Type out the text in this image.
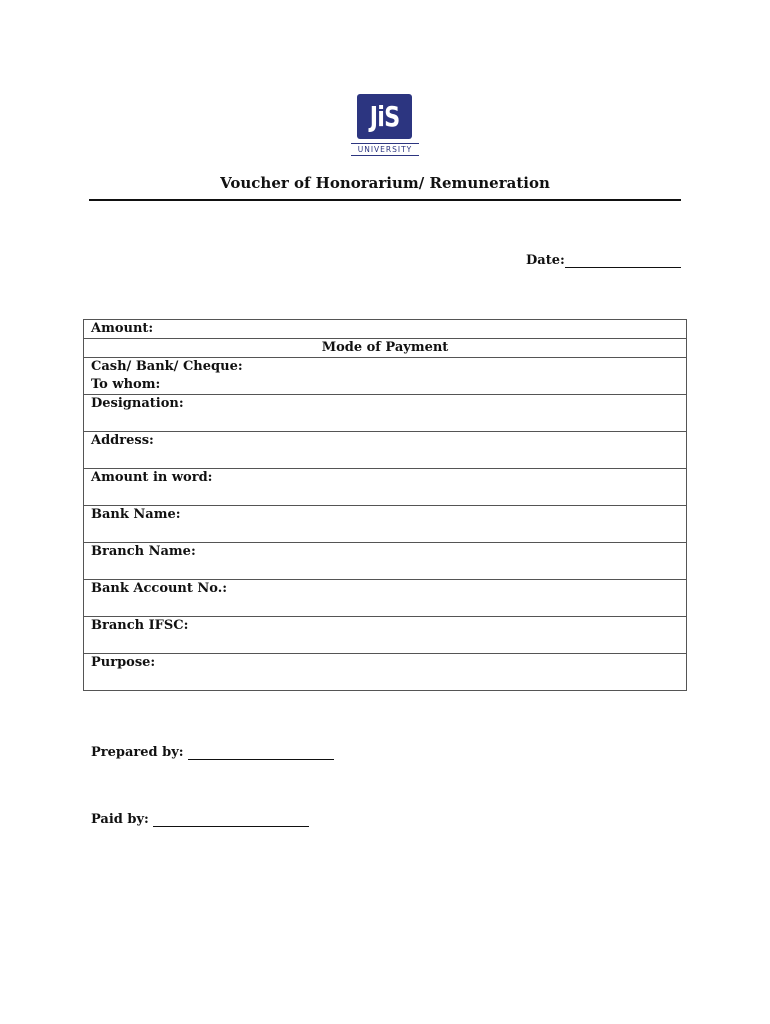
JiS
UNIVERSITY
Voucher of Honorarium/ Remuneration
Date:
Amount:
Mode of Payment

Cash/ Bank/ Cheque:
To whom:

Designation:
Address:
Amount in word:
Bank Name:
Branch Name:
Bank Account No.:
Branch IFSC:
Purpose:
Prepared by:
Paid by:
